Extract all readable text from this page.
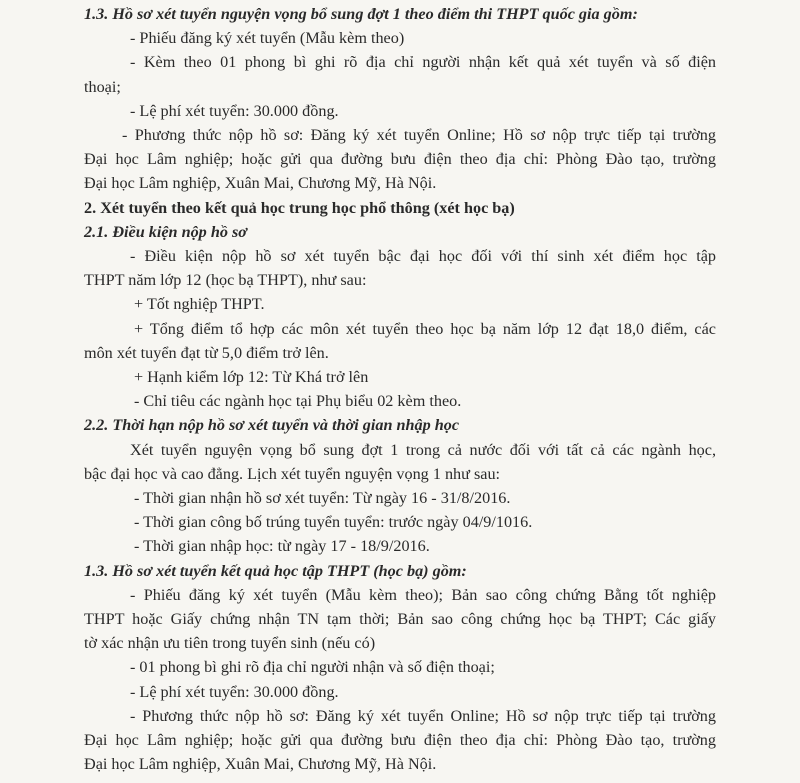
1.3. Hồ sơ xét tuyển nguyện vọng bổ sung đợt 1 theo điểm thi THPT quốc gia gồm:
- Phiếu đăng ký xét tuyển (Mẫu kèm theo)
- Kèm theo 01 phong bì ghi rõ địa chỉ người nhận kết quả xét tuyển và số điện
thoại;
- Lệ phí xét tuyển: 30.000 đồng.
- Phương thức nộp hồ sơ: Đăng ký xét tuyển Online; Hồ sơ nộp trực tiếp tại trường
Đại học Lâm nghiệp; hoặc gửi qua đường bưu điện theo địa chỉ: Phòng Đào tạo, trường
Đại học Lâm nghiệp, Xuân Mai, Chương Mỹ, Hà Nội.
2. Xét tuyển theo kết quả học trung học phổ thông (xét học bạ)
2.1. Điều kiện nộp hồ sơ
- Điều kiện nộp hồ sơ xét tuyển bậc đại học đối với thí sinh xét điểm học tập
THPT năm lớp 12 (học bạ THPT), như sau:
+ Tốt nghiệp THPT.
+ Tổng điểm tổ hợp các môn xét tuyển theo học bạ năm lớp 12 đạt 18,0 điểm, các
môn xét tuyển đạt từ 5,0 điểm trở lên.
+ Hạnh kiểm lớp 12: Từ Khá trở lên
- Chỉ tiêu các ngành học tại Phụ biểu 02 kèm theo.
2.2. Thời hạn nộp hồ sơ xét tuyển và thời gian nhập học
Xét tuyển nguyện vọng bổ sung đợt 1 trong cả nước đối với tất cả các ngành học,
bậc đại học và cao đẳng. Lịch xét tuyển nguyện vọng 1 như sau:
- Thời gian nhận hồ sơ xét tuyển: Từ ngày 16 - 31/8/2016.
- Thời gian công bố trúng tuyển tuyển: trước ngày 04/9/1016.
- Thời gian nhập học: từ ngày 17 - 18/9/2016.
1.3. Hồ sơ xét tuyển kết quả học tập THPT (học bạ) gồm:
- Phiếu đăng ký xét tuyển (Mẫu kèm theo); Bản sao công chứng Bằng tốt nghiệp
THPT hoặc Giấy chứng nhận TN tạm thời; Bản sao công chứng học bạ THPT; Các giấy
tờ xác nhận ưu tiên trong tuyển sinh (nếu có)
- 01 phong bì ghi rõ địa chỉ người nhận và số điện thoại;
- Lệ phí xét tuyển: 30.000 đồng.
- Phương thức nộp hồ sơ: Đăng ký xét tuyển Online; Hồ sơ nộp trực tiếp tại trường
Đại học Lâm nghiệp; hoặc gửi qua đường bưu điện theo địa chỉ: Phòng Đào tạo, trường
Đại học Lâm nghiệp, Xuân Mai, Chương Mỹ, Hà Nội.
